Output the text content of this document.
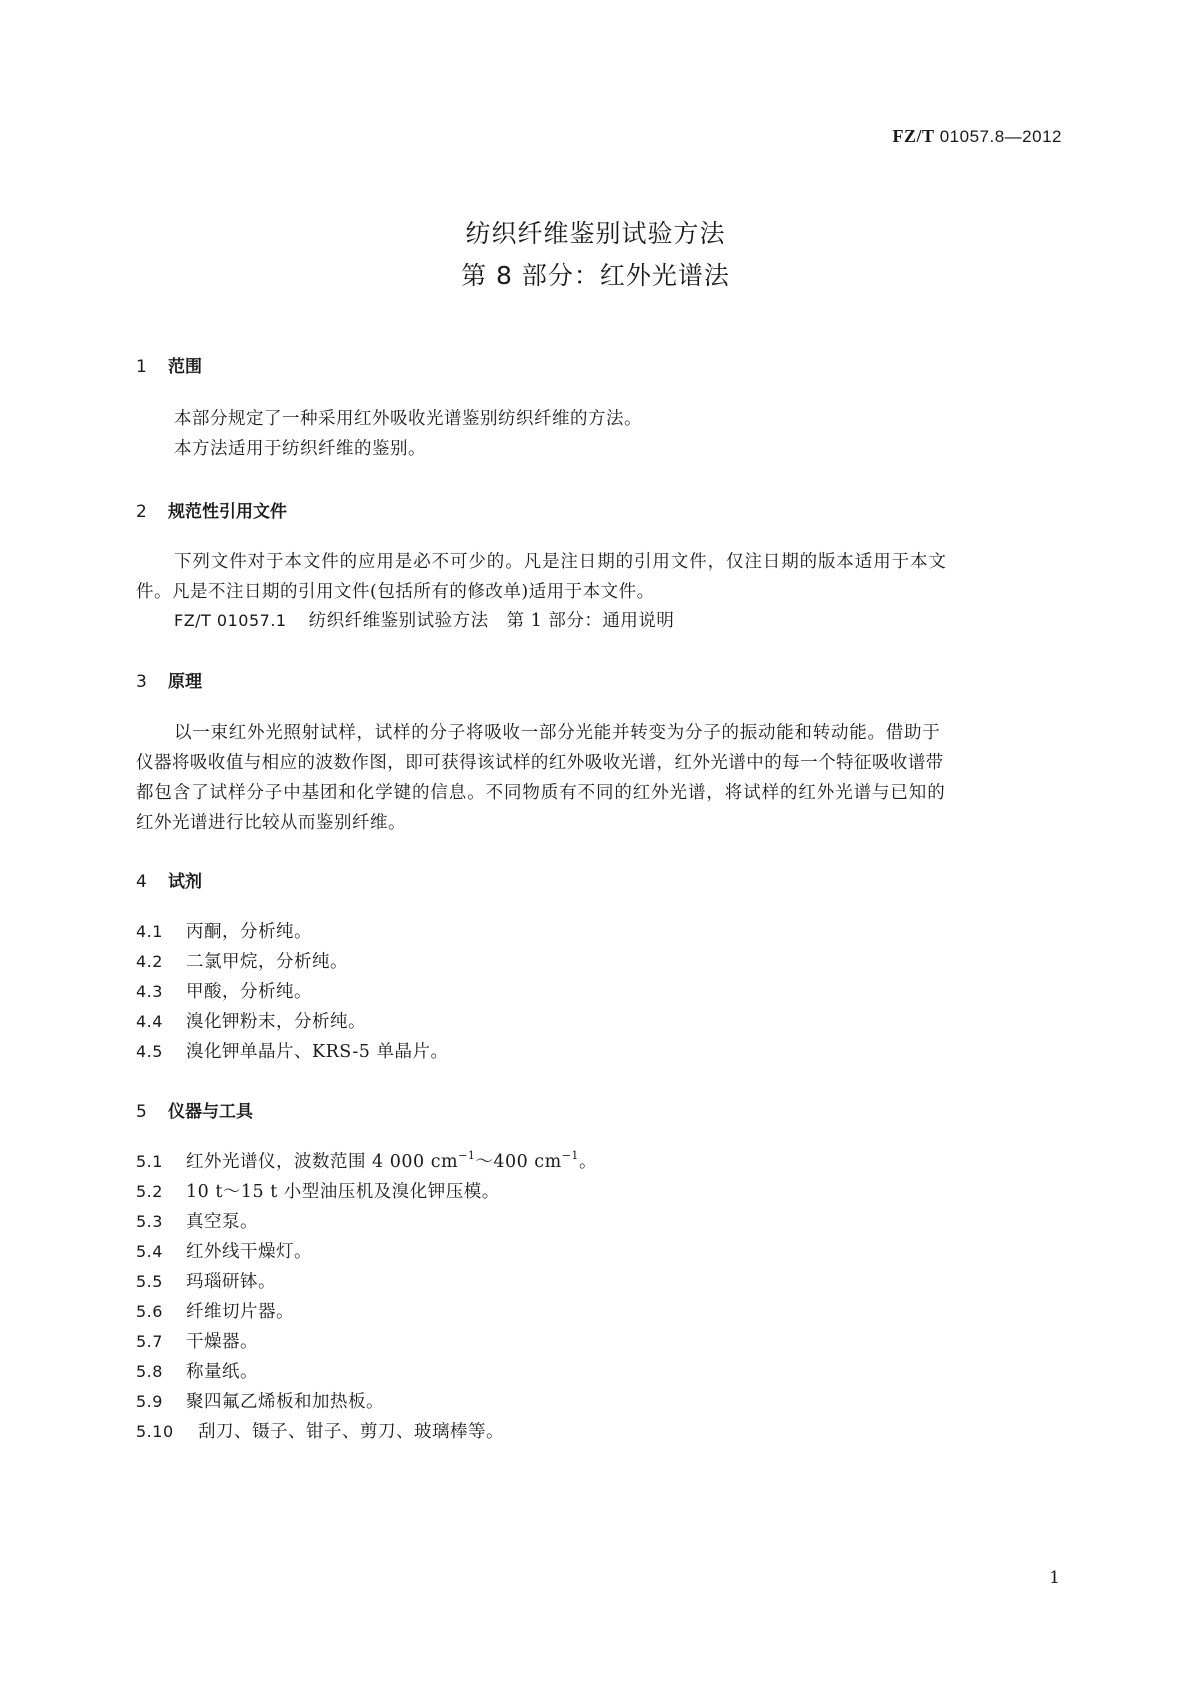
FZ/T 01057.8—2012
纺织纤维鉴别试验方法
第 8 部分：红外光谱法
1 范围
本部分规定了一种采用红外吸收光谱鉴别纺织纤维的方法。
本方法适用于纺织纤维的鉴别。
2 规范性引用文件
下列文件对于本文件的应用是必不可少的。凡是注日期的引用文件，仅注日期的版本适用于本文
件。凡是不注日期的引用文件(包括所有的修改单)适用于本文件。
FZ/T 01057.1 纺织纤维鉴别试验方法　第 1 部分：通用说明
3 原理
以一束红外光照射试样，试样的分子将吸收一部分光能并转变为分子的振动能和转动能。借助于
仪器将吸收值与相应的波数作图，即可获得该试样的红外吸收光谱，红外光谱中的每一个特征吸收谱带
都包含了试样分子中基团和化学键的信息。不同物质有不同的红外光谱，将试样的红外光谱与已知的
红外光谱进行比较从而鉴别纤维。
4 试剂
4.1 丙酮，分析纯。
4.2 二氯甲烷，分析纯。
4.3 甲酸，分析纯。
4.4 溴化钾粉末，分析纯。
4.5 溴化钾单晶片、KRS-5 单晶片。
5 仪器与工具
5.1 红外光谱仪，波数范围 4 000 $cm^{-1}\sim 400$ $cm^{-1}$。
5.2 10 t～15 t 小型油压机及溴化钾压模。
5.3 真空泵。
5.4 红外线干燥灯。
5.5 玛瑙研钵。
5.6 纤维切片器。
5.7 干燥器。
5.8 称量纸。
5.9 聚四氟乙烯板和加热板。
5.10 刮刀、镊子、钳子、剪刀、玻璃棒等。
1
